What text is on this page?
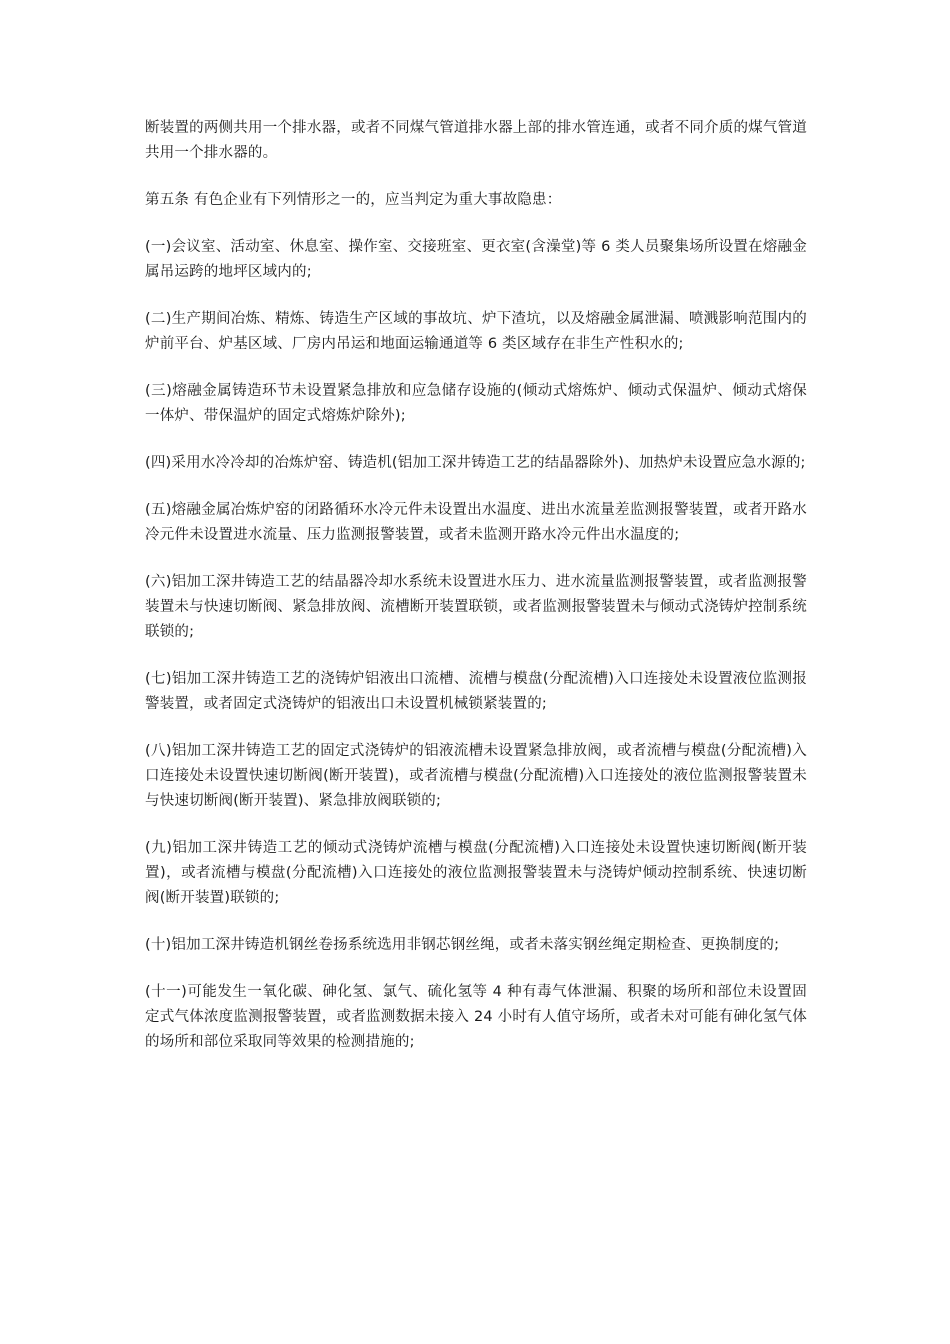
断装置的两侧共用一个排水器，或者不同煤气管道排水器上部的排水管连通，或者不同介质的煤气管道共用一个排水器的。

第五条 有色企业有下列情形之一的，应当判定为重大事故隐患：

(一)会议室、活动室、休息室、操作室、交接班室、更衣室(含澡堂)等 6 类人员聚集场所设置在熔融金属吊运跨的地坪区域内的;

(二)生产期间冶炼、精炼、铸造生产区域的事故坑、炉下渣坑，以及熔融金属泄漏、喷溅影响范围内的炉前平台、炉基区域、厂房内吊运和地面运输通道等 6 类区域存在非生产性积水的;

(三)熔融金属铸造环节未设置紧急排放和应急储存设施的(倾动式熔炼炉、倾动式保温炉、倾动式熔保一体炉、带保温炉的固定式熔炼炉除外);

(四)采用水冷冷却的冶炼炉窑、铸造机(铝加工深井铸造工艺的结晶器除外)、加热炉未设置应急水源的;

(五)熔融金属冶炼炉窑的闭路循环水冷元件未设置出水温度、进出水流量差监测报警装置，或者开路水冷元件未设置进水流量、压力监测报警装置，或者未监测开路水冷元件出水温度的;

(六)铝加工深井铸造工艺的结晶器冷却水系统未设置进水压力、进水流量监测报警装置，或者监测报警装置未与快速切断阀、紧急排放阀、流槽断开装置联锁，或者监测报警装置未与倾动式浇铸炉控制系统联锁的;

(七)铝加工深井铸造工艺的浇铸炉铝液出口流槽、流槽与模盘(分配流槽)入口连接处未设置液位监测报警装置，或者固定式浇铸炉的铝液出口未设置机械锁紧装置的;

(八)铝加工深井铸造工艺的固定式浇铸炉的铝液流槽未设置紧急排放阀，或者流槽与模盘(分配流槽)入口连接处未设置快速切断阀(断开装置)，或者流槽与模盘(分配流槽)入口连接处的液位监测报警装置未与快速切断阀(断开装置)、紧急排放阀联锁的;

(九)铝加工深井铸造工艺的倾动式浇铸炉流槽与模盘(分配流槽)入口连接处未设置快速切断阀(断开装置)，或者流槽与模盘(分配流槽)入口连接处的液位监测报警装置未与浇铸炉倾动控制系统、快速切断阀(断开装置)联锁的;

(十)铝加工深井铸造机钢丝卷扬系统选用非钢芯钢丝绳，或者未落实钢丝绳定期检查、更换制度的;

(十一)可能发生一氧化碳、砷化氢、氯气、硫化氢等 4 种有毒气体泄漏、积聚的场所和部位未设置固定式气体浓度监测报警装置，或者监测数据未接入 24 小时有人值守场所，或者未对可能有砷化氢气体的场所和部位采取同等效果的检测措施的;
